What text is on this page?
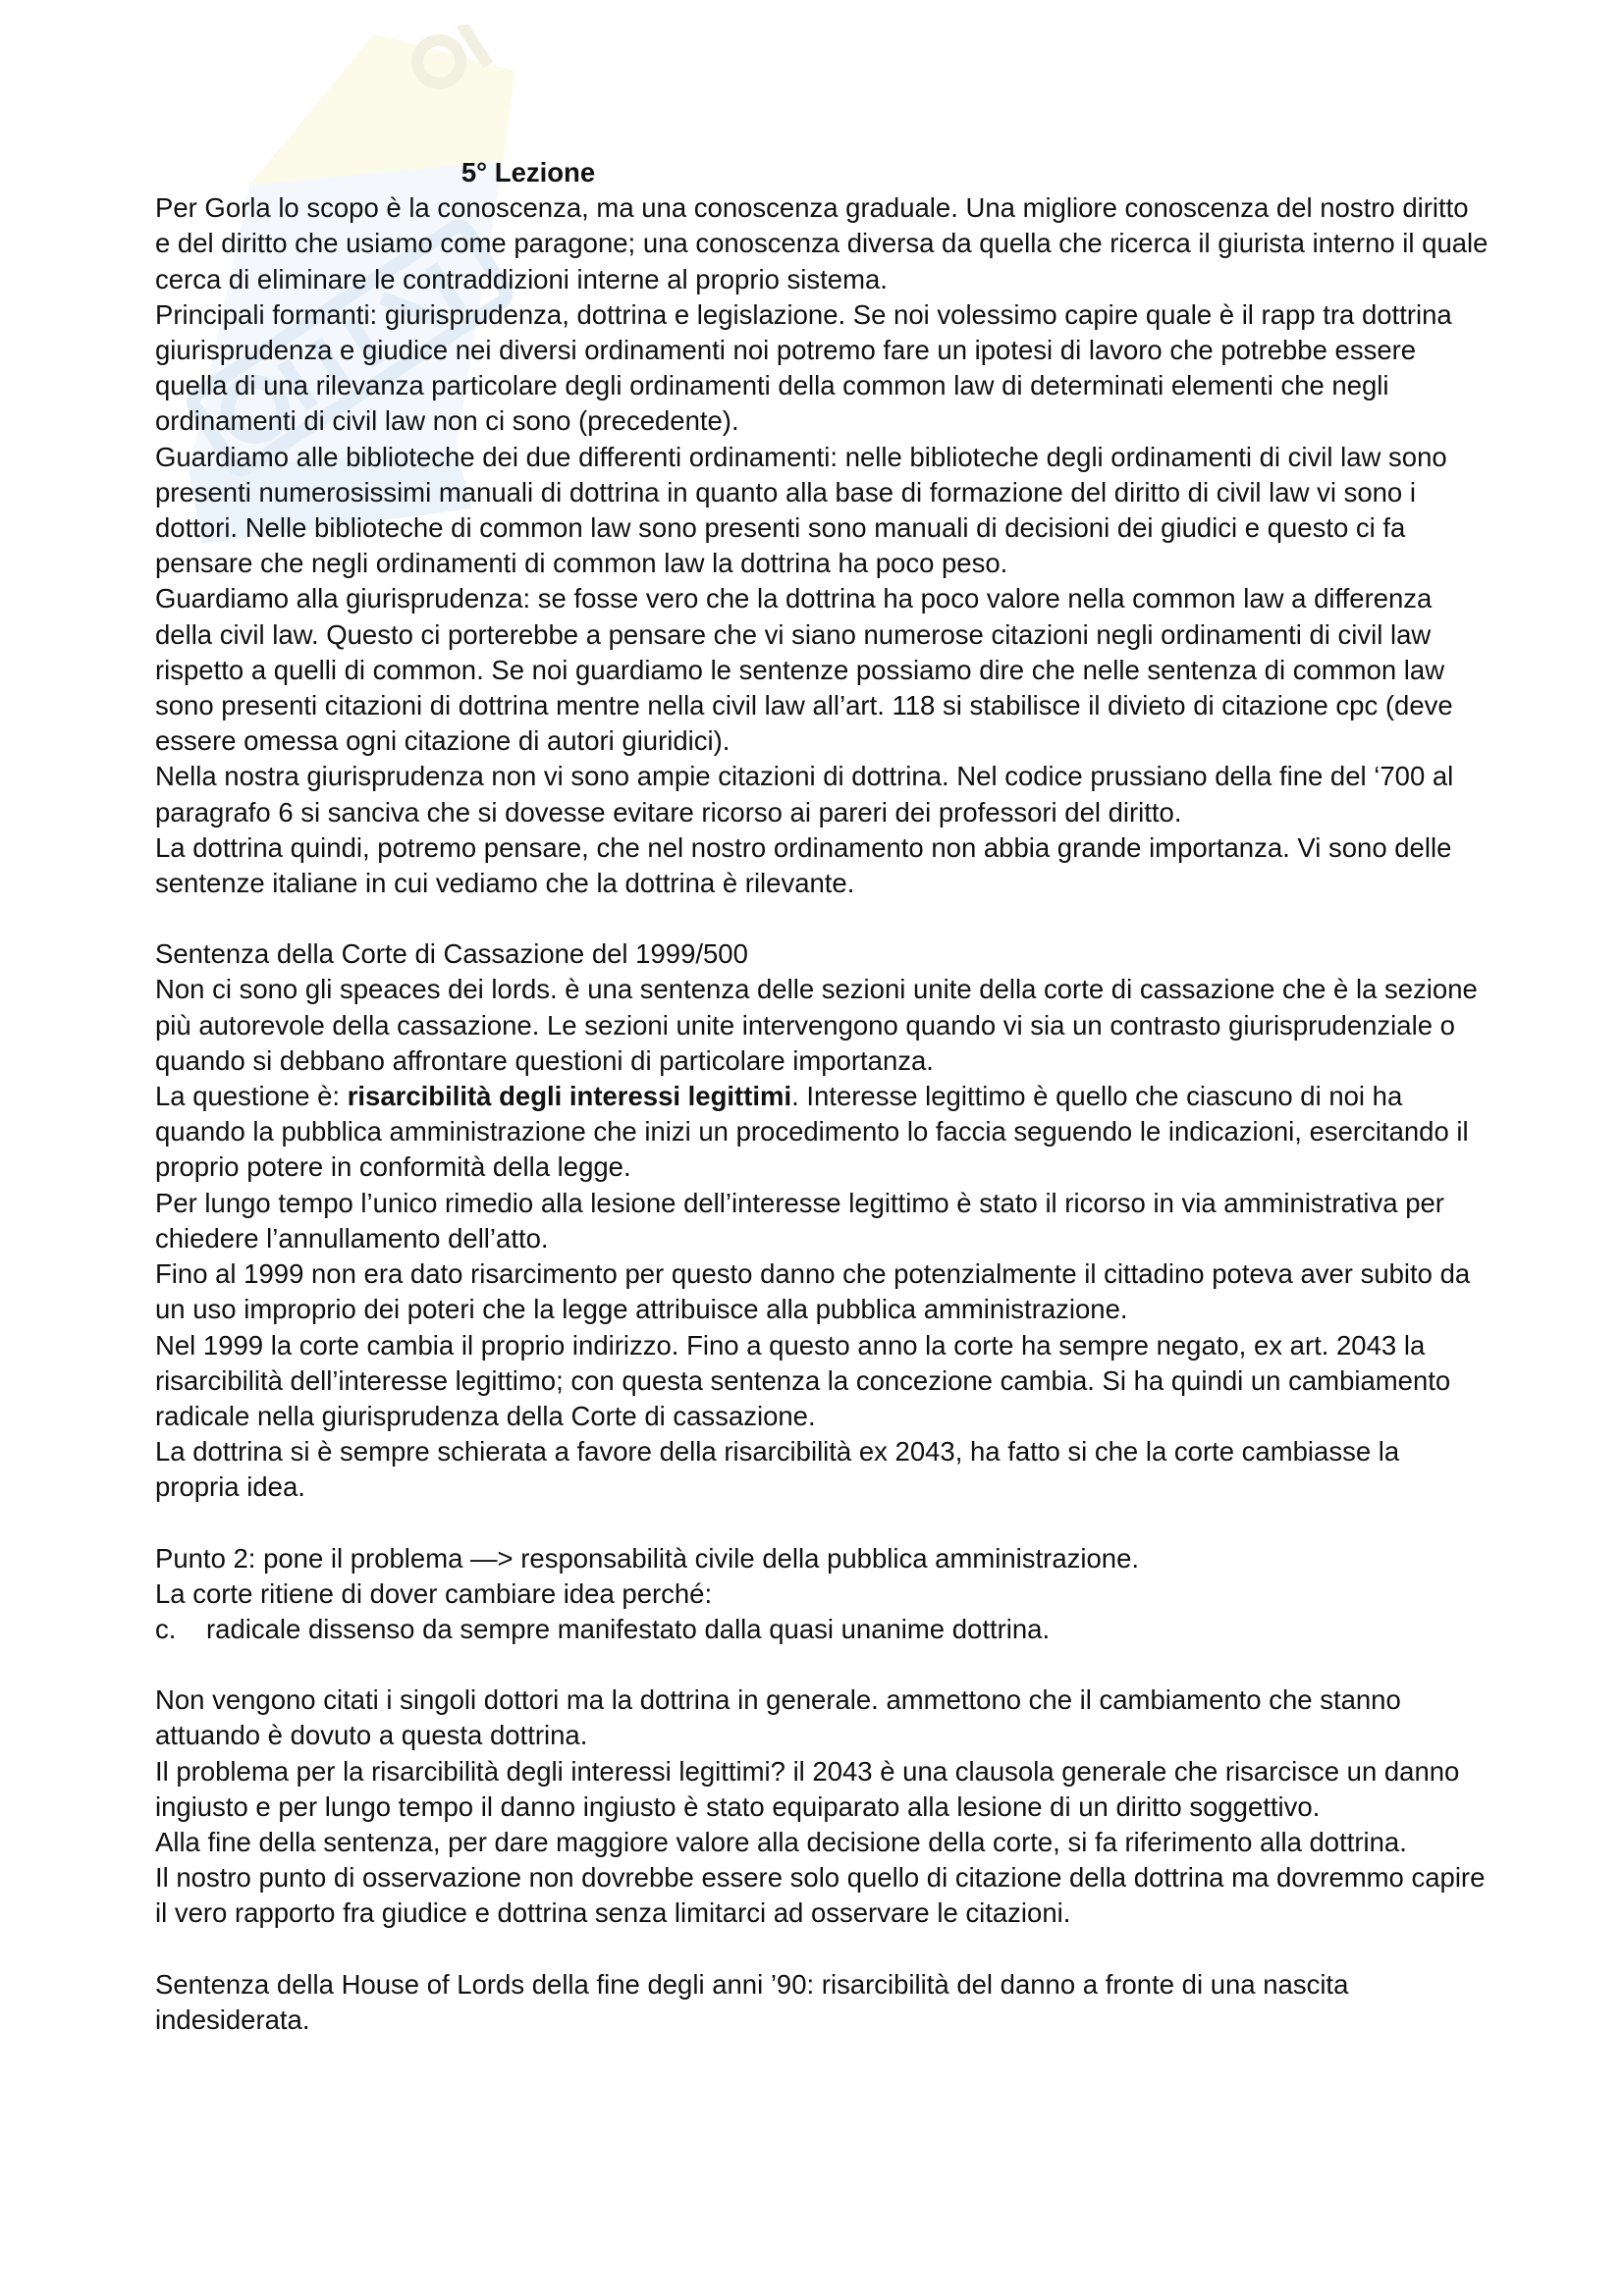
5° Lezione

Per Gorla lo scopo è la conoscenza, ma una conoscenza graduale. Una migliore conoscenza del nostro diritto e del diritto che usiamo come paragone; una conoscenza diversa da quella che ricerca il giurista interno il quale cerca di eliminare le contraddizioni interne al proprio sistema.

Principali formanti: giurisprudenza, dottrina e legislazione. Se noi volessimo capire quale è il rapp tra dottrina giurisprudenza e giudice nei diversi ordinamenti noi potremo fare un ipotesi di lavoro che potrebbe essere quella di una rilevanza particolare degli ordinamenti della common law di determinati elementi che negli ordinamenti di civil law non ci sono (precedente).

Guardiamo alle biblioteche dei due differenti ordinamenti: nelle biblioteche degli ordinamenti di civil law sono presenti numerosissimi manuali di dottrina in quanto alla base di formazione del diritto di civil law vi sono i dottori. Nelle biblioteche di common law sono presenti sono manuali di decisioni dei giudici e questo ci fa pensare che negli ordinamenti di common law la dottrina ha poco peso.

Guardiamo alla giurisprudenza: se fosse vero che la dottrina ha poco valore nella common law a differenza della civil law. Questo ci porterebbe a pensare che vi siano numerose citazioni negli ordinamenti di civil law rispetto a quelli di common. Se noi guardiamo le sentenze possiamo dire che nelle sentenza di common law sono presenti citazioni di dottrina mentre nella civil law all’art. 118 si stabilisce il divieto di citazione cpc (deve essere omessa ogni citazione di autori giuridici).

Nella nostra giurisprudenza non vi sono ampie citazioni di dottrina. Nel codice prussiano della fine del ‘700 al paragrafo 6 si sanciva che si dovesse evitare ricorso ai pareri dei professori del diritto.

La dottrina quindi, potremo pensare, che nel nostro ordinamento non abbia grande importanza. Vi sono delle sentenze italiane in cui vediamo che la dottrina è rilevante.

Sentenza della Corte di Cassazione del 1999/500

Non ci sono gli speaces dei lords. è una sentenza delle sezioni unite della corte di cassazione che è la sezione più autorevole della cassazione. Le sezioni unite intervengono quando vi sia un contrasto giurisprudenziale o quando si debbano affrontare questioni di particolare importanza.

La questione è: risarcibilità degli interessi legittimi. Interesse legittimo è quello che ciascuno di noi ha quando la pubblica amministrazione che inizi un procedimento lo faccia seguendo le indicazioni, esercitando il proprio potere in conformità della legge.

Per lungo tempo l’unico rimedio alla lesione dell’interesse legittimo è stato il ricorso in via amministrativa per chiedere l’annullamento dell’atto.

Fino al 1999 non era dato risarcimento per questo danno che potenzialmente il cittadino poteva aver subito da un uso improprio dei poteri che la legge attribuisce alla pubblica amministrazione.

Nel 1999 la corte cambia il proprio indirizzo. Fino a questo anno la corte ha sempre negato, ex art. 2043 la risarcibilità dell’interesse legittimo; con questa sentenza la concezione cambia. Si ha quindi un cambiamento radicale nella giurisprudenza della Corte di cassazione.

La dottrina si è sempre schierata a favore della risarcibilità ex 2043, ha fatto si che la corte cambiasse la propria idea.

Punto 2: pone il problema —> responsabilità civile della pubblica amministrazione.

La corte ritiene di dover cambiare idea perché:

c.	radicale dissenso da sempre manifestato dalla quasi unanime dottrina.

Non vengono citati i singoli dottori ma la dottrina in generale. ammettono che il cambiamento che stanno attuando è dovuto a questa dottrina.

Il problema per la risarcibilità degli interessi legittimi? il 2043 è una clausola generale che risarcisce un danno ingiusto e per lungo tempo il danno ingiusto è stato equiparato alla lesione di un diritto soggettivo.

Alla fine della sentenza, per dare maggiore valore alla decisione della corte, si fa riferimento alla dottrina.

Il nostro punto di osservazione non dovrebbe essere solo quello di citazione della dottrina ma dovremmo capire il vero rapporto fra giudice e dottrina senza limitarci ad osservare le citazioni.

Sentenza della House of Lords della fine degli anni ’90: risarcibilità del danno a fronte di una nascita indesiderata.
